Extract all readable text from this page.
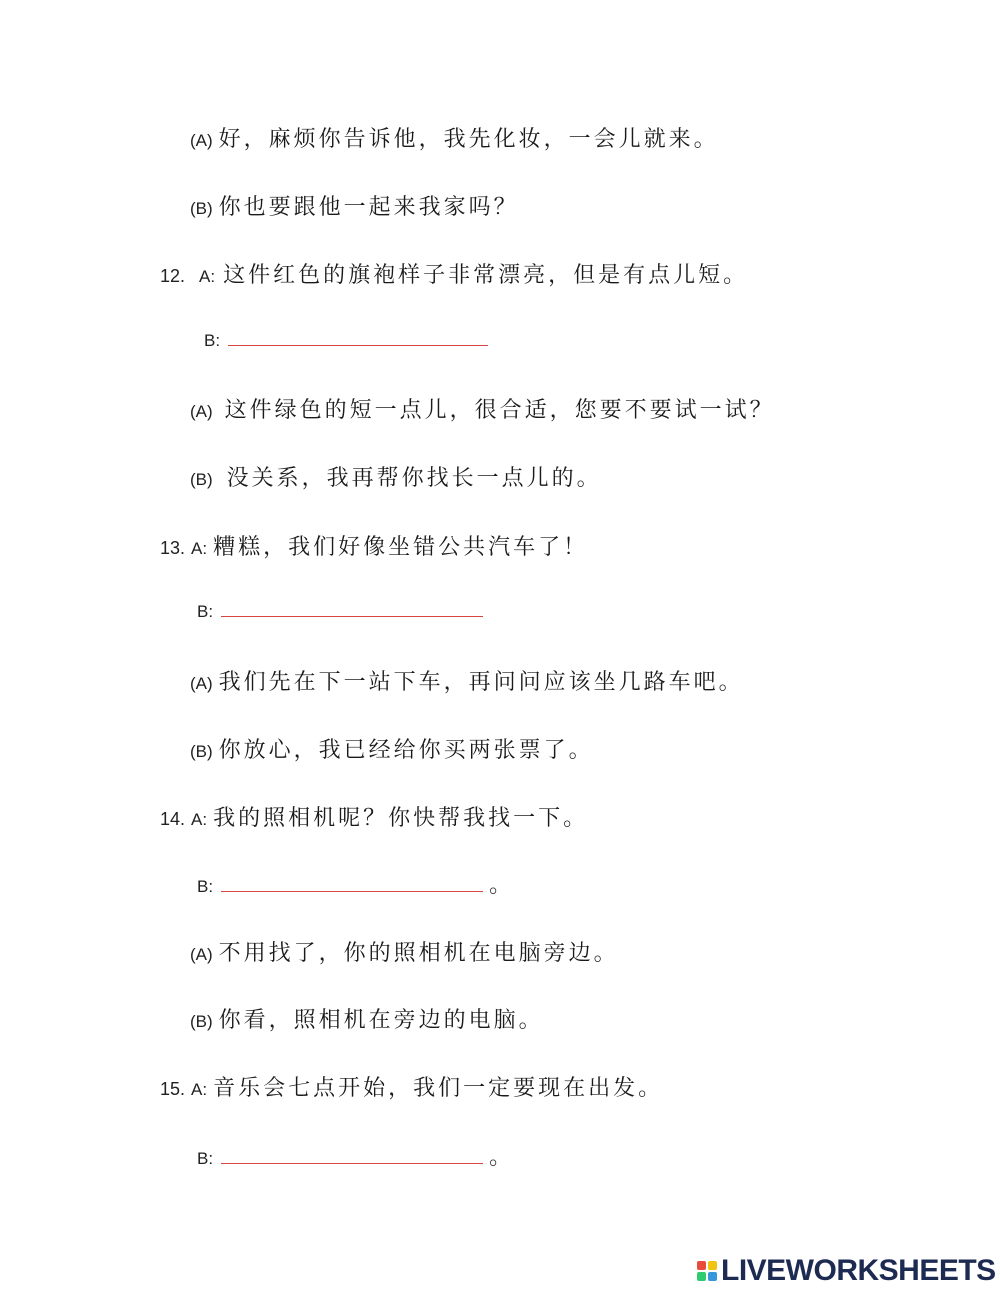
(A) 好，麻烦你告诉他，我先化妆，一会儿就来。
(B) 你也要跟他一起来我家吗？
12. A: 这件红色的旗袍样子非常漂亮，但是有点儿短。
B:
(A) 这件绿色的短一点儿，很合适，您要不要试一试？
(B) 没关系，我再帮你找长一点儿的。
13. A: 糟糕，我们好像坐错公共汽车了！
B:
(A) 我们先在下一站下车，再问问应该坐几路车吧。
(B) 你放心，我已经给你买两张票了。
14. A: 我的照相机呢？你快帮我找一下。
B:	。
(A) 不用找了，你的照相机在电脑旁边。
(B) 你看，照相机在旁边的电脑。
15. A: 音乐会七点开始，我们一定要现在出发。
B:	。
LIVEWORKSHEETS
